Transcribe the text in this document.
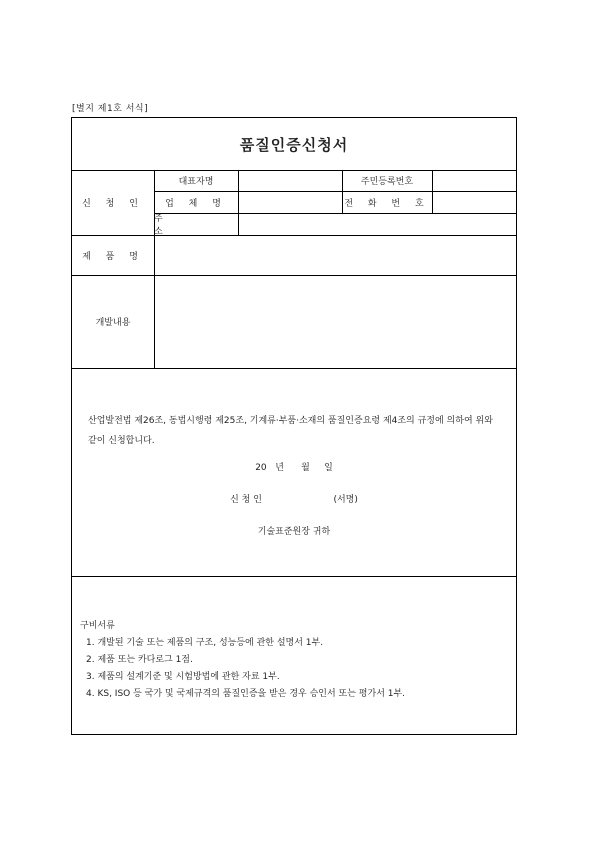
[별지 제1호 서식]
품질인증신청서
신 청 인
대표자명	주민등록번호
업 체 명	전 화 번 호
주 소
제 품 명
개발내용
산업발전법 제26조, 동법시행령 제25조, 기계류·부품·소재의 품질인증요령 제4조의 규정에 의하여 위와 같이 신청합니다.
20   년      월     일
신 청 인                         (서명)
기술표준원장 귀하
구비서류
1. 개발된 기술 또는 제품의 구조, 성능등에 관한 설명서 1부.
2. 제품 또는 카다로그 1점.
3. 제품의 설계기준 및 시험방법에 관한 자료 1부.
4. KS, ISO 등 국가 및 국제규격의 품질인증을 받은 경우 승인서 또는 평가서 1부.
